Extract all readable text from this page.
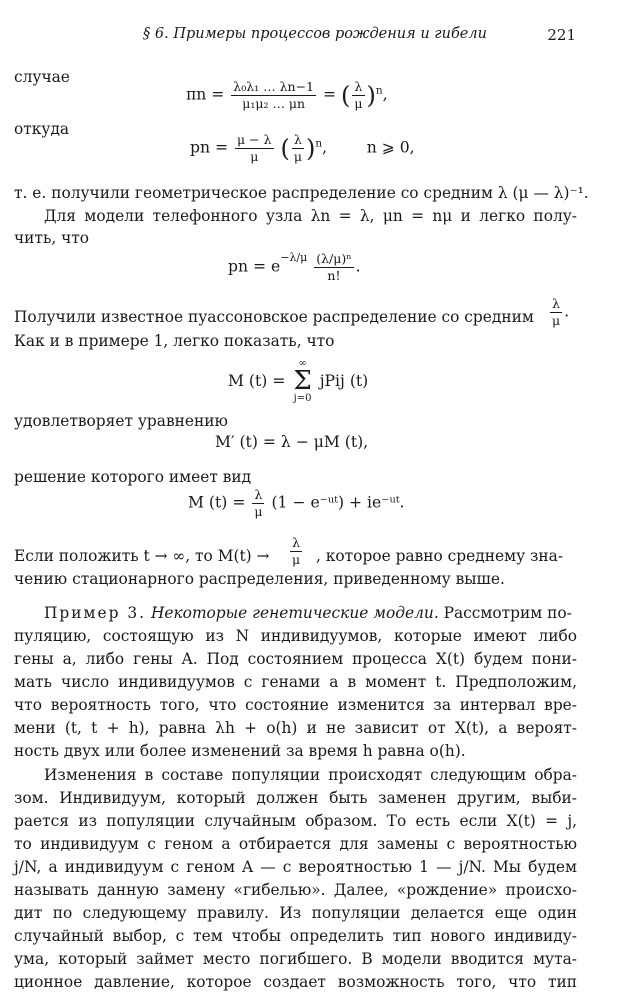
§ 6. Примеры процессов рождения и гибели	221
случае
$\pi n = \frac{\text{λ₀λ₁ … λn−1}}{\text{μ₁μ₂ … μn}}$ = ( $\frac{\lambda}{\mu} )^n$,
откуда
pn = $\frac{\mu - \lambda}{\mu}$ ( $\frac{\lambda}{\mu} )^n$,        n ⩾ 0,
т. е. получили геометрическое распределение со средним λ (μ — λ)⁻¹.
Для модели телефонного узла λn = λ, μn = nμ и легко полу-
чить, что
pn = $e^{-\lambda/\mu} \frac{\text{(λ/μ)ⁿ}}{n!}$ .
Получили известное пуассоновское распределение со средним	$\frac{\lambda}{\mu}$ .
Как и в примере 1, легко показать, что
M (t) =
∞
Σ
j=0
jPij (t)
удовлетворяет уравнению
M′ (t) = λ − μM (t),
решение которого имеет вид
M $(t) = \frac{\lambda}{\mu} (1$ − e⁻ᵘᵗ) + ie⁻ᵘᵗ.
Если положить t → ∞, то $M(t) \to \frac{\lambda}{\mu}$ , которое равно среднему зна-
чению стационарного распределения, приведенному выше.
Пример 3. Некоторые генетические модели. Рассмотрим по-
пуляцию, состоящую из N индивидуумов, которые имеют либо
гены a, либо гены A. Под состоянием процесса X(t) будем пони-
мать число индивидуумов с генами a в момент t. Предположим,
что вероятность того, что состояние изменится за интервал вре-
мени (t, t + h), равна λh + o(h) и не зависит от X(t), а вероят-
ность двух или более изменений за время h равна o(h).
Изменения в составе популяции происходят следующим обра-
зом. Индивидуум, который должен быть заменен другим, выби-
рается из популяции случайным образом. То есть если X(t) = j,
то индивидуум с геном a отбирается для замены с вероятностью
j/N, а индивидуум с геном A — с вероятностью 1 — j/N. Мы будем
называть данную замену «гибелью». Далее, «рождение» происхо-
дит по следующему правилу. Из популяции делается еще один
случайный выбор, с тем чтобы определить тип нового индивиду-
ума, который займет место погибшего. В модели вводится мута-
ционное давление, которое создает возможность того, что тип
